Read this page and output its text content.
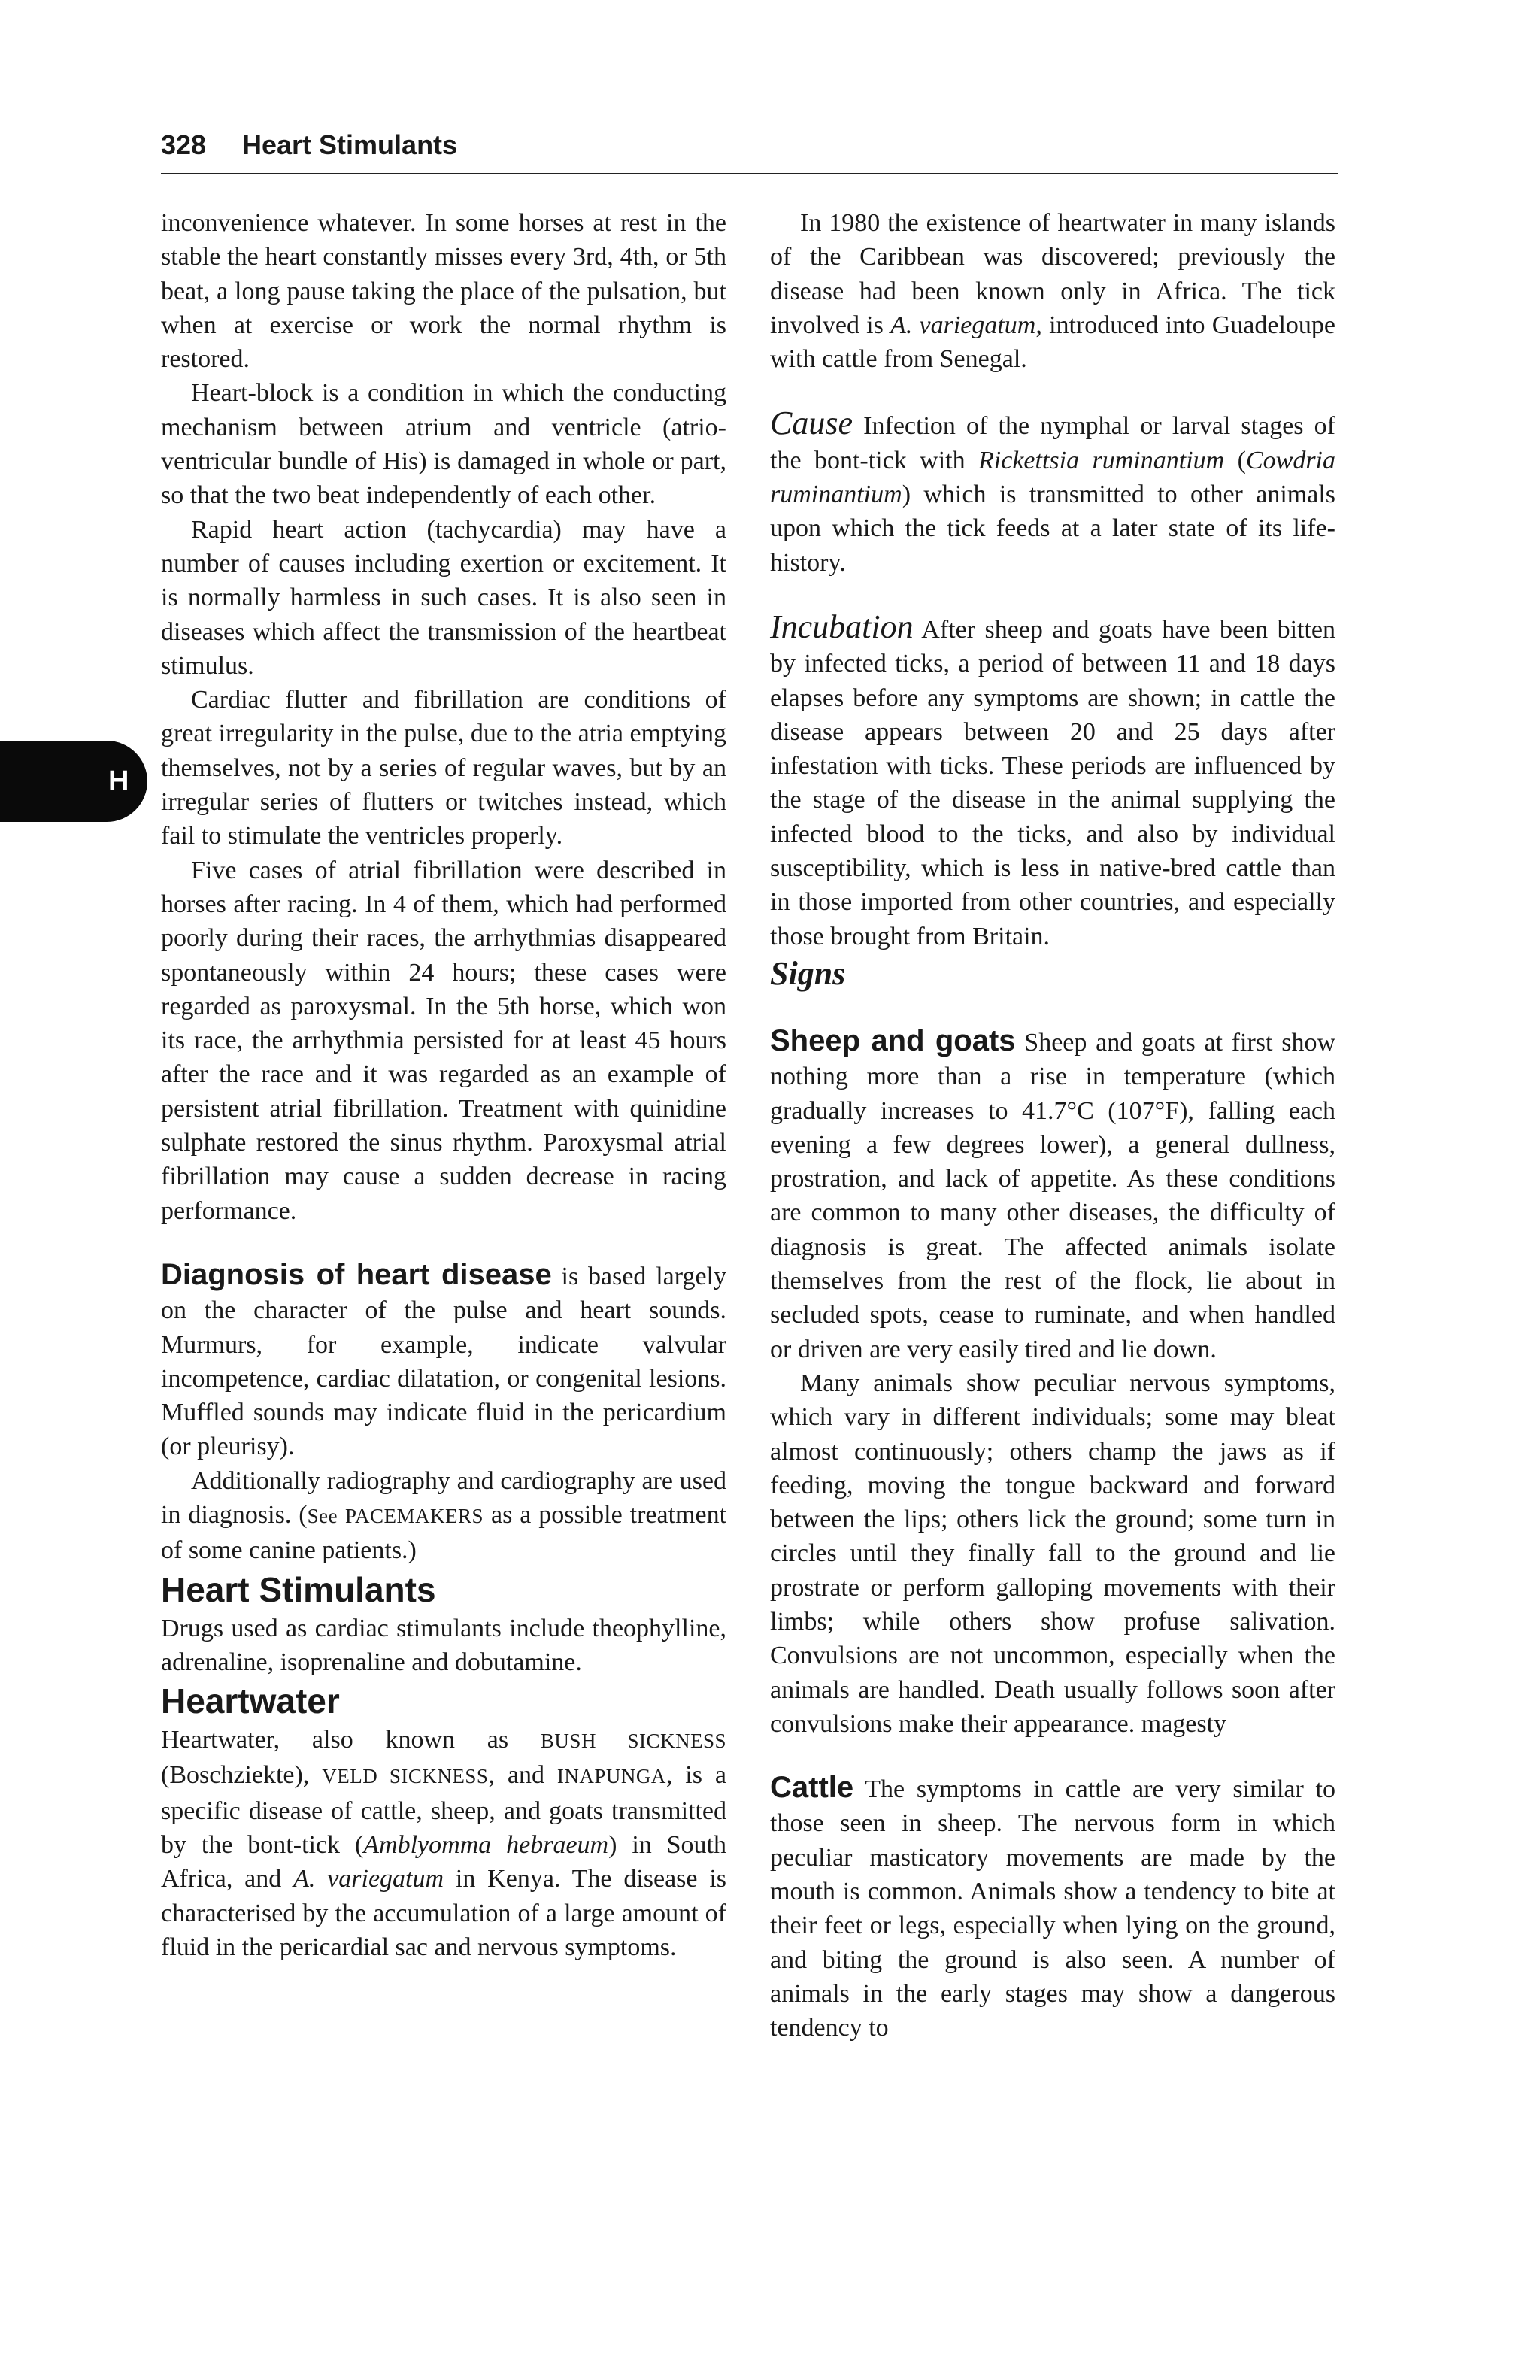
328 Heart Stimulants
H

inconvenience whatever. In some horses at rest in the stable the heart constantly misses every 3rd, 4th, or 5th beat, a long pause taking the place of the pulsation, but when at exercise or work the normal rhythm is restored.

Heart-block is a condition in which the conducting mechanism between atrium and ventricle (atrio-ventricular bundle of His) is damaged in whole or part, so that the two beat independently of each other.

Rapid heart action (tachycardia) may have a number of causes including exertion or excitement. It is normally harmless in such cases. It is also seen in diseases which affect the transmission of the heartbeat stimulus.

Cardiac flutter and fibrillation are conditions of great irregularity in the pulse, due to the atria emptying themselves, not by a series of regular waves, but by an irregular series of flutters or twitches instead, which fail to stimulate the ventricles properly.

Five cases of atrial fibrillation were described in horses after racing. In 4 of them, which had performed poorly during their races, the arrhythmias disappeared spontaneously within 24 hours; these cases were regarded as paroxysmal. In the 5th horse, which won its race, the arrhythmia persisted for at least 45 hours after the race and it was regarded as an example of persistent atrial fibrillation. Treatment with quinidine sulphate restored the sinus rhythm. Paroxysmal atrial fibrillation may cause a sudden decrease in racing performance.

Diagnosis of heart disease is based largely on the character of the pulse and heart sounds. Murmurs, for example, indicate valvular incompetence, cardiac dilatation, or congenital lesions. Muffled sounds may indicate fluid in the pericardium (or pleurisy).

Additionally radiography and cardiography are used in diagnosis. (See PACEMAKERS as a possible treatment of some canine patients.)

Heart Stimulants

Drugs used as cardiac stimulants include theophylline, adrenaline, isoprenaline and dobutamine.

Heartwater

Heartwater, also known as BUSH SICKNESS (Boschziekte), VELD SICKNESS, and INAPUNGA, is a specific disease of cattle, sheep, and goats transmitted by the bont-tick (Amblyomma hebraeum) in South Africa, and A. variegatum in Kenya. The disease is characterised by the accumulation of a large amount of fluid in the pericardial sac and nervous symptoms.

In 1980 the existence of heartwater in many islands of the Caribbean was discovered; previously the disease had been known only in Africa. The tick involved is A. variegatum, introduced into Guadeloupe with cattle from Senegal.

Cause Infection of the nymphal or larval stages of the bont-tick with Rickettsia ruminantium (Cowdria ruminantium) which is transmitted to other animals upon which the tick feeds at a later state of its life-history.

Incubation After sheep and goats have been bitten by infected ticks, a period of between 11 and 18 days elapses before any symptoms are shown; in cattle the disease appears between 20 and 25 days after infestation with ticks. These periods are influenced by the stage of the disease in the animal supplying the infected blood to the ticks, and also by individual susceptibility, which is less in native-bred cattle than in those imported from other countries, and especially those brought from Britain.

Signs

Sheep and goats Sheep and goats at first show nothing more than a rise in temperature (which gradually increases to 41.7°C (107°F), falling each evening a few degrees lower), a general dullness, prostration, and lack of appetite. As these conditions are common to many other diseases, the difficulty of diagnosis is great. The affected animals isolate themselves from the rest of the flock, lie about in secluded spots, cease to ruminate, and when handled or driven are very easily tired and lie down.

Many animals show peculiar nervous symptoms, which vary in different individuals; some may bleat almost continuously; others champ the jaws as if feeding, moving the tongue backward and forward between the lips; others lick the ground; some turn in circles until they finally fall to the ground and lie prostrate or perform galloping movements with their limbs; while others show profuse salivation. Convulsions are not uncommon, especially when the animals are handled. Death usually follows soon after convulsions make their appearance. magesty

Cattle The symptoms in cattle are very similar to those seen in sheep. The nervous form in which peculiar masticatory movements are made by the mouth is common. Animals show a tendency to bite at their feet or legs, especially when lying on the ground, and biting the ground is also seen. A number of animals in the early stages may show a dangerous tendency to
